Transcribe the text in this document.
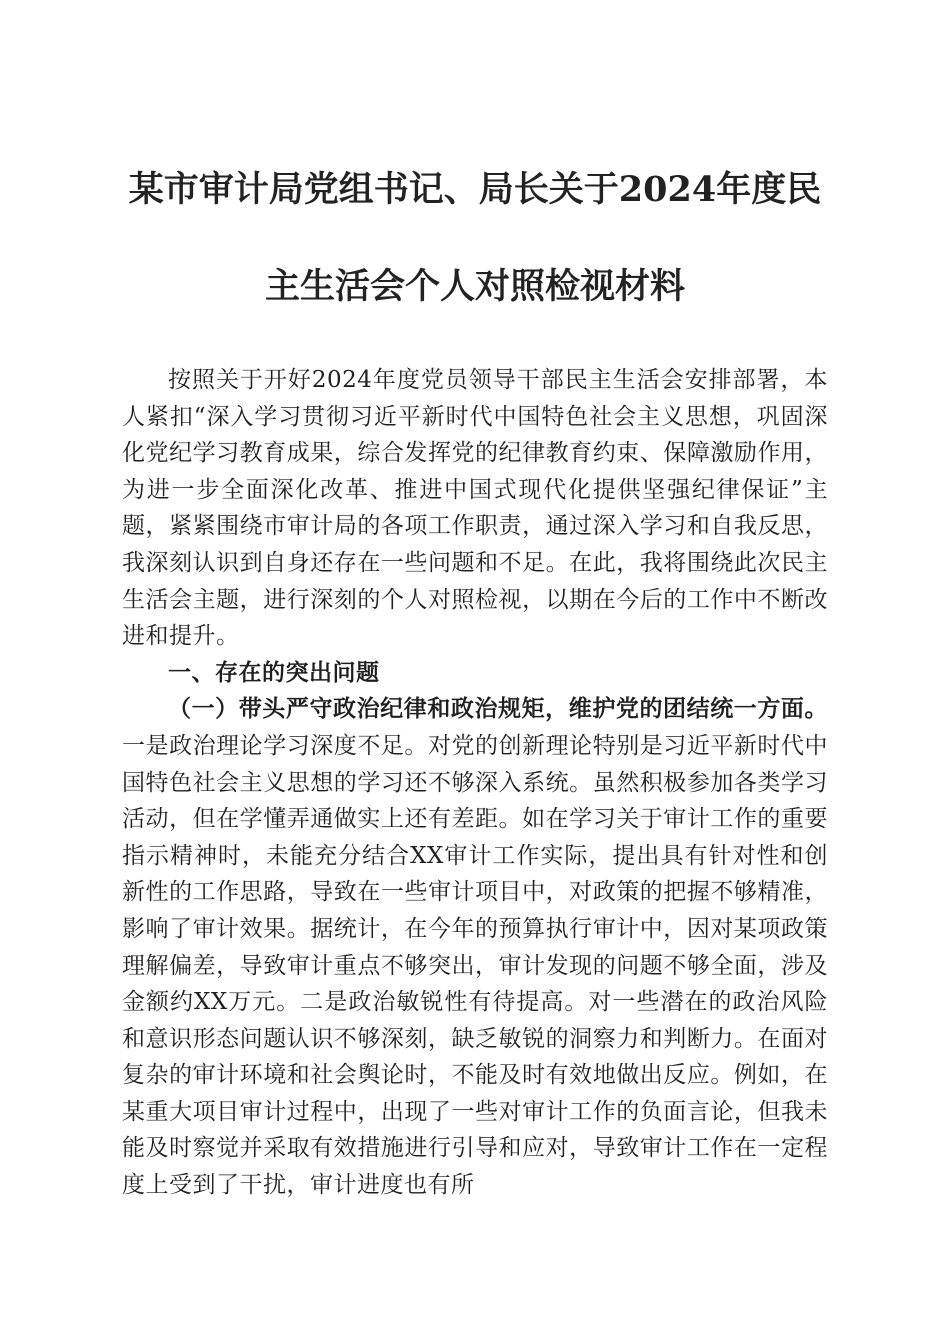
某市审计局党组书记、局长关于2024年度民
主生活会个人对照检视材料

按照关于开好2024年度党员领导干部民主生活会安排部署，本人紧扣“深入学习贯彻习近平新时代中国特色社会主义思想，巩固深化党纪学习教育成果，综合发挥党的纪律教育约束、保障激励作用，为进一步全面深化改革、推进中国式现代化提供坚强纪律保证”主题，紧紧围绕市审计局的各项工作职责，通过深入学习和自我反思，我深刻认识到自身还存在一些问题和不足。在此，我将围绕此次民主生活会主题，进行深刻的个人对照检视，以期在今后的工作中不断改进和提升。

一、存在的突出问题

（一）带头严守政治纪律和政治规矩，维护党的团结统一方面。一是政治理论学习深度不足。对党的创新理论特别是习近平新时代中国特色社会主义思想的学习还不够深入系统。虽然积极参加各类学习活动，但在学懂弄通做实上还有差距。如在学习关于审计工作的重要指示精神时，未能充分结合XX审计工作实际，提出具有针对性和创新性的工作思路，导致在一些审计项目中，对政策的把握不够精准，影响了审计效果。据统计，在今年的预算执行审计中，因对某项政策理解偏差，导致审计重点不够突出，审计发现的问题不够全面，涉及金额约XX万元。二是政治敏锐性有待提高。对一些潜在的政治风险和意识形态问题认识不够深刻，缺乏敏锐的洞察力和判断力。在面对复杂的审计环境和社会舆论时，不能及时有效地做出反应。例如，在某重大项目审计过程中，出现了一些对审计工作的负面言论，但我未能及时察觉并采取有效措施进行引导和应对，导致审计工作在一定程度上受到了干扰，审计进度也有所
